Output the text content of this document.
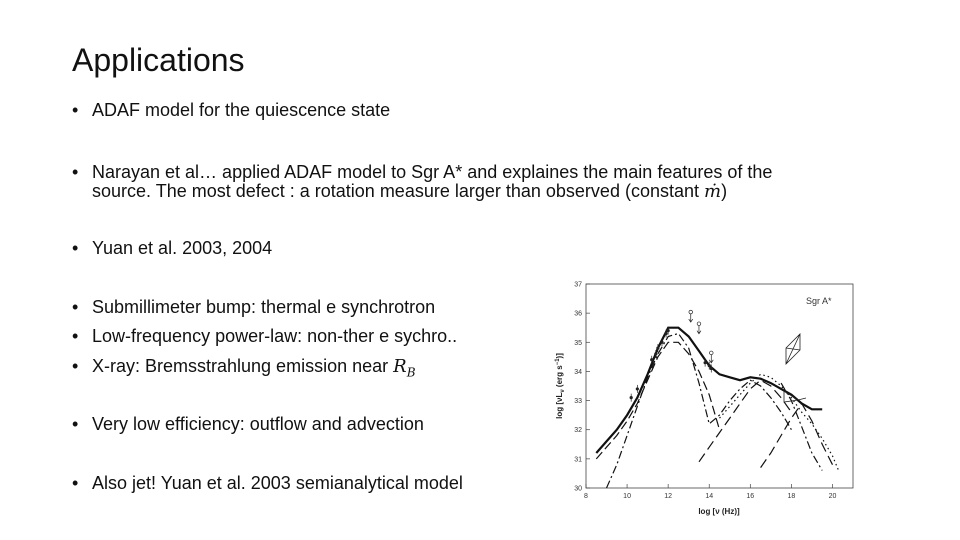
Applications
• ADAF model for the quiescence state
• Narayan et al… applied ADAF model to Sgr A* and explaines the main features of the
source. The most defect : a rotation measure larger than observed (constant ṁ)
• Yuan et al. 2003, 2004
• Submillimeter bump: thermal e synchrotron
• Low-frequency power-law: non-ther e sychro..
• X-ray: Bremsstrahlung emission near $R_B$
• Very low efficiency: outflow and advection
• Also jet! Yuan et al. 2003 semianalytical model
8	10	12	14	16	18	20
30
31
32
33
34
35
36
37
Sgr A*
log [ν (Hz)]
$\log [\nu L_\nu$ (erg $s^{-1}$)]
